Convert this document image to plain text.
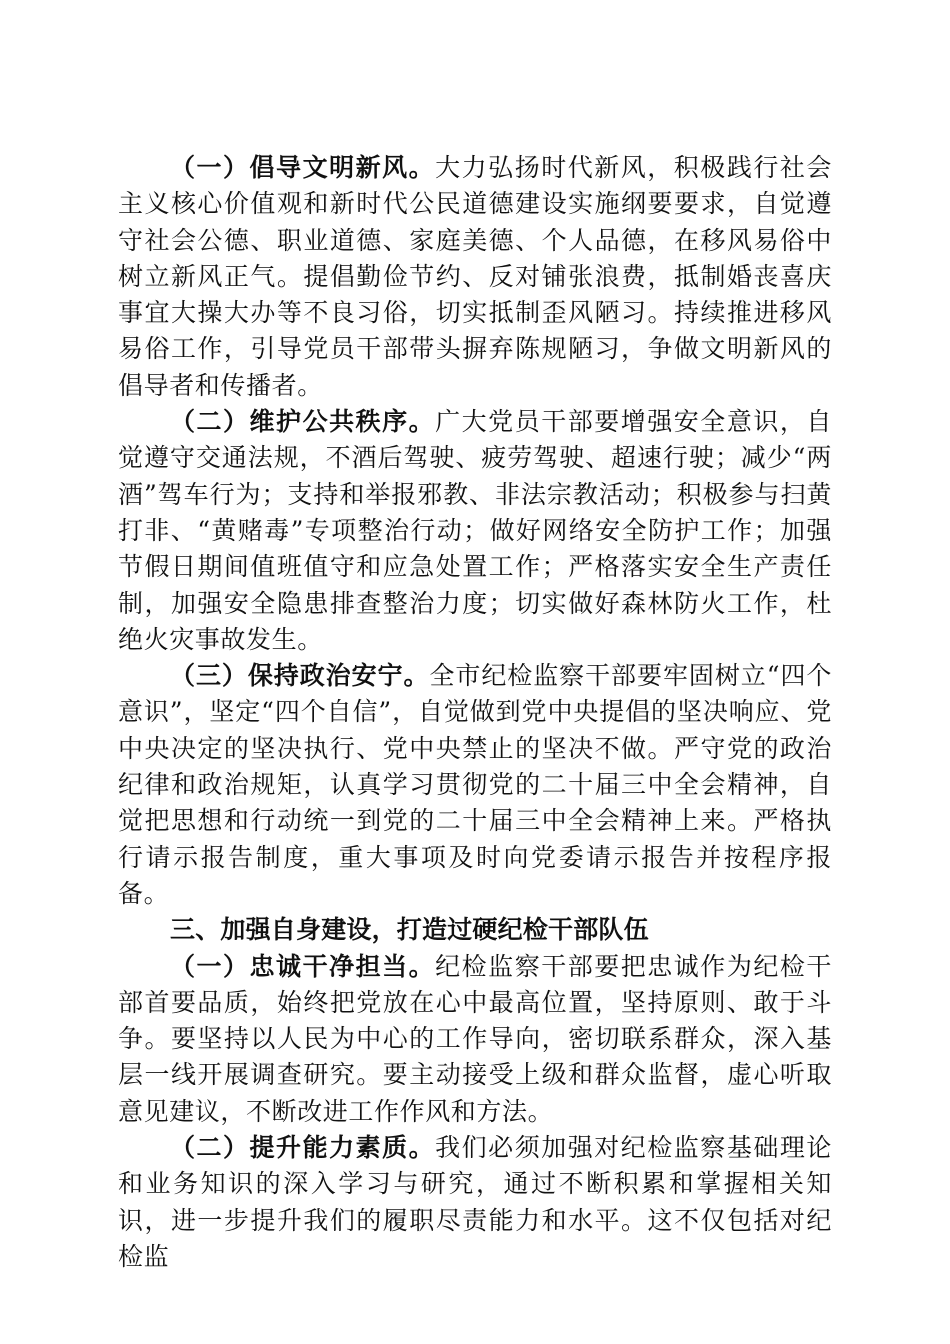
（一）倡导文明新风。大力弘扬时代新风，积极践行社会主义核心价值观和新时代公民道德建设实施纲要要求，自觉遵守社会公德、职业道德、家庭美德、个人品德，在移风易俗中树立新风正气。提倡勤俭节约、反对铺张浪费，抵制婚丧喜庆事宜大操大办等不良习俗，切实抵制歪风陋习。持续推进移风易俗工作，引导党员干部带头摒弃陈规陋习，争做文明新风的倡导者和传播者。

（二）维护公共秩序。广大党员干部要增强安全意识，自觉遵守交通法规，不酒后驾驶、疲劳驾驶、超速行驶；减少“两酒”驾车行为；支持和举报邪教、非法宗教活动；积极参与扫黄打非、“黄赌毒”专项整治行动；做好网络安全防护工作；加强节假日期间值班值守和应急处置工作；严格落实安全生产责任制，加强安全隐患排查整治力度；切实做好森林防火工作，杜绝火灾事故发生。

（三）保持政治安宁。全市纪检监察干部要牢固树立“四个意识”，坚定“四个自信”，自觉做到党中央提倡的坚决响应、党中央决定的坚决执行、党中央禁止的坚决不做。严守党的政治纪律和政治规矩，认真学习贯彻党的二十届三中全会精神，自觉把思想和行动统一到党的二十届三中全会精神上来。严格执行请示报告制度，重大事项及时向党委请示报告并按程序报备。

三、加强自身建设，打造过硬纪检干部队伍

（一）忠诚干净担当。纪检监察干部要把忠诚作为纪检干部首要品质，始终把党放在心中最高位置，坚持原则、敢于斗争。要坚持以人民为中心的工作导向，密切联系群众，深入基层一线开展调查研究。要主动接受上级和群众监督，虚心听取意见建议，不断改进工作作风和方法。

（二）提升能力素质。我们必须加强对纪检监察基础理论和业务知识的深入学习与研究，通过不断积累和掌握相关知识，进一步提升我们的履职尽责能力和水平。这不仅包括对纪检监
